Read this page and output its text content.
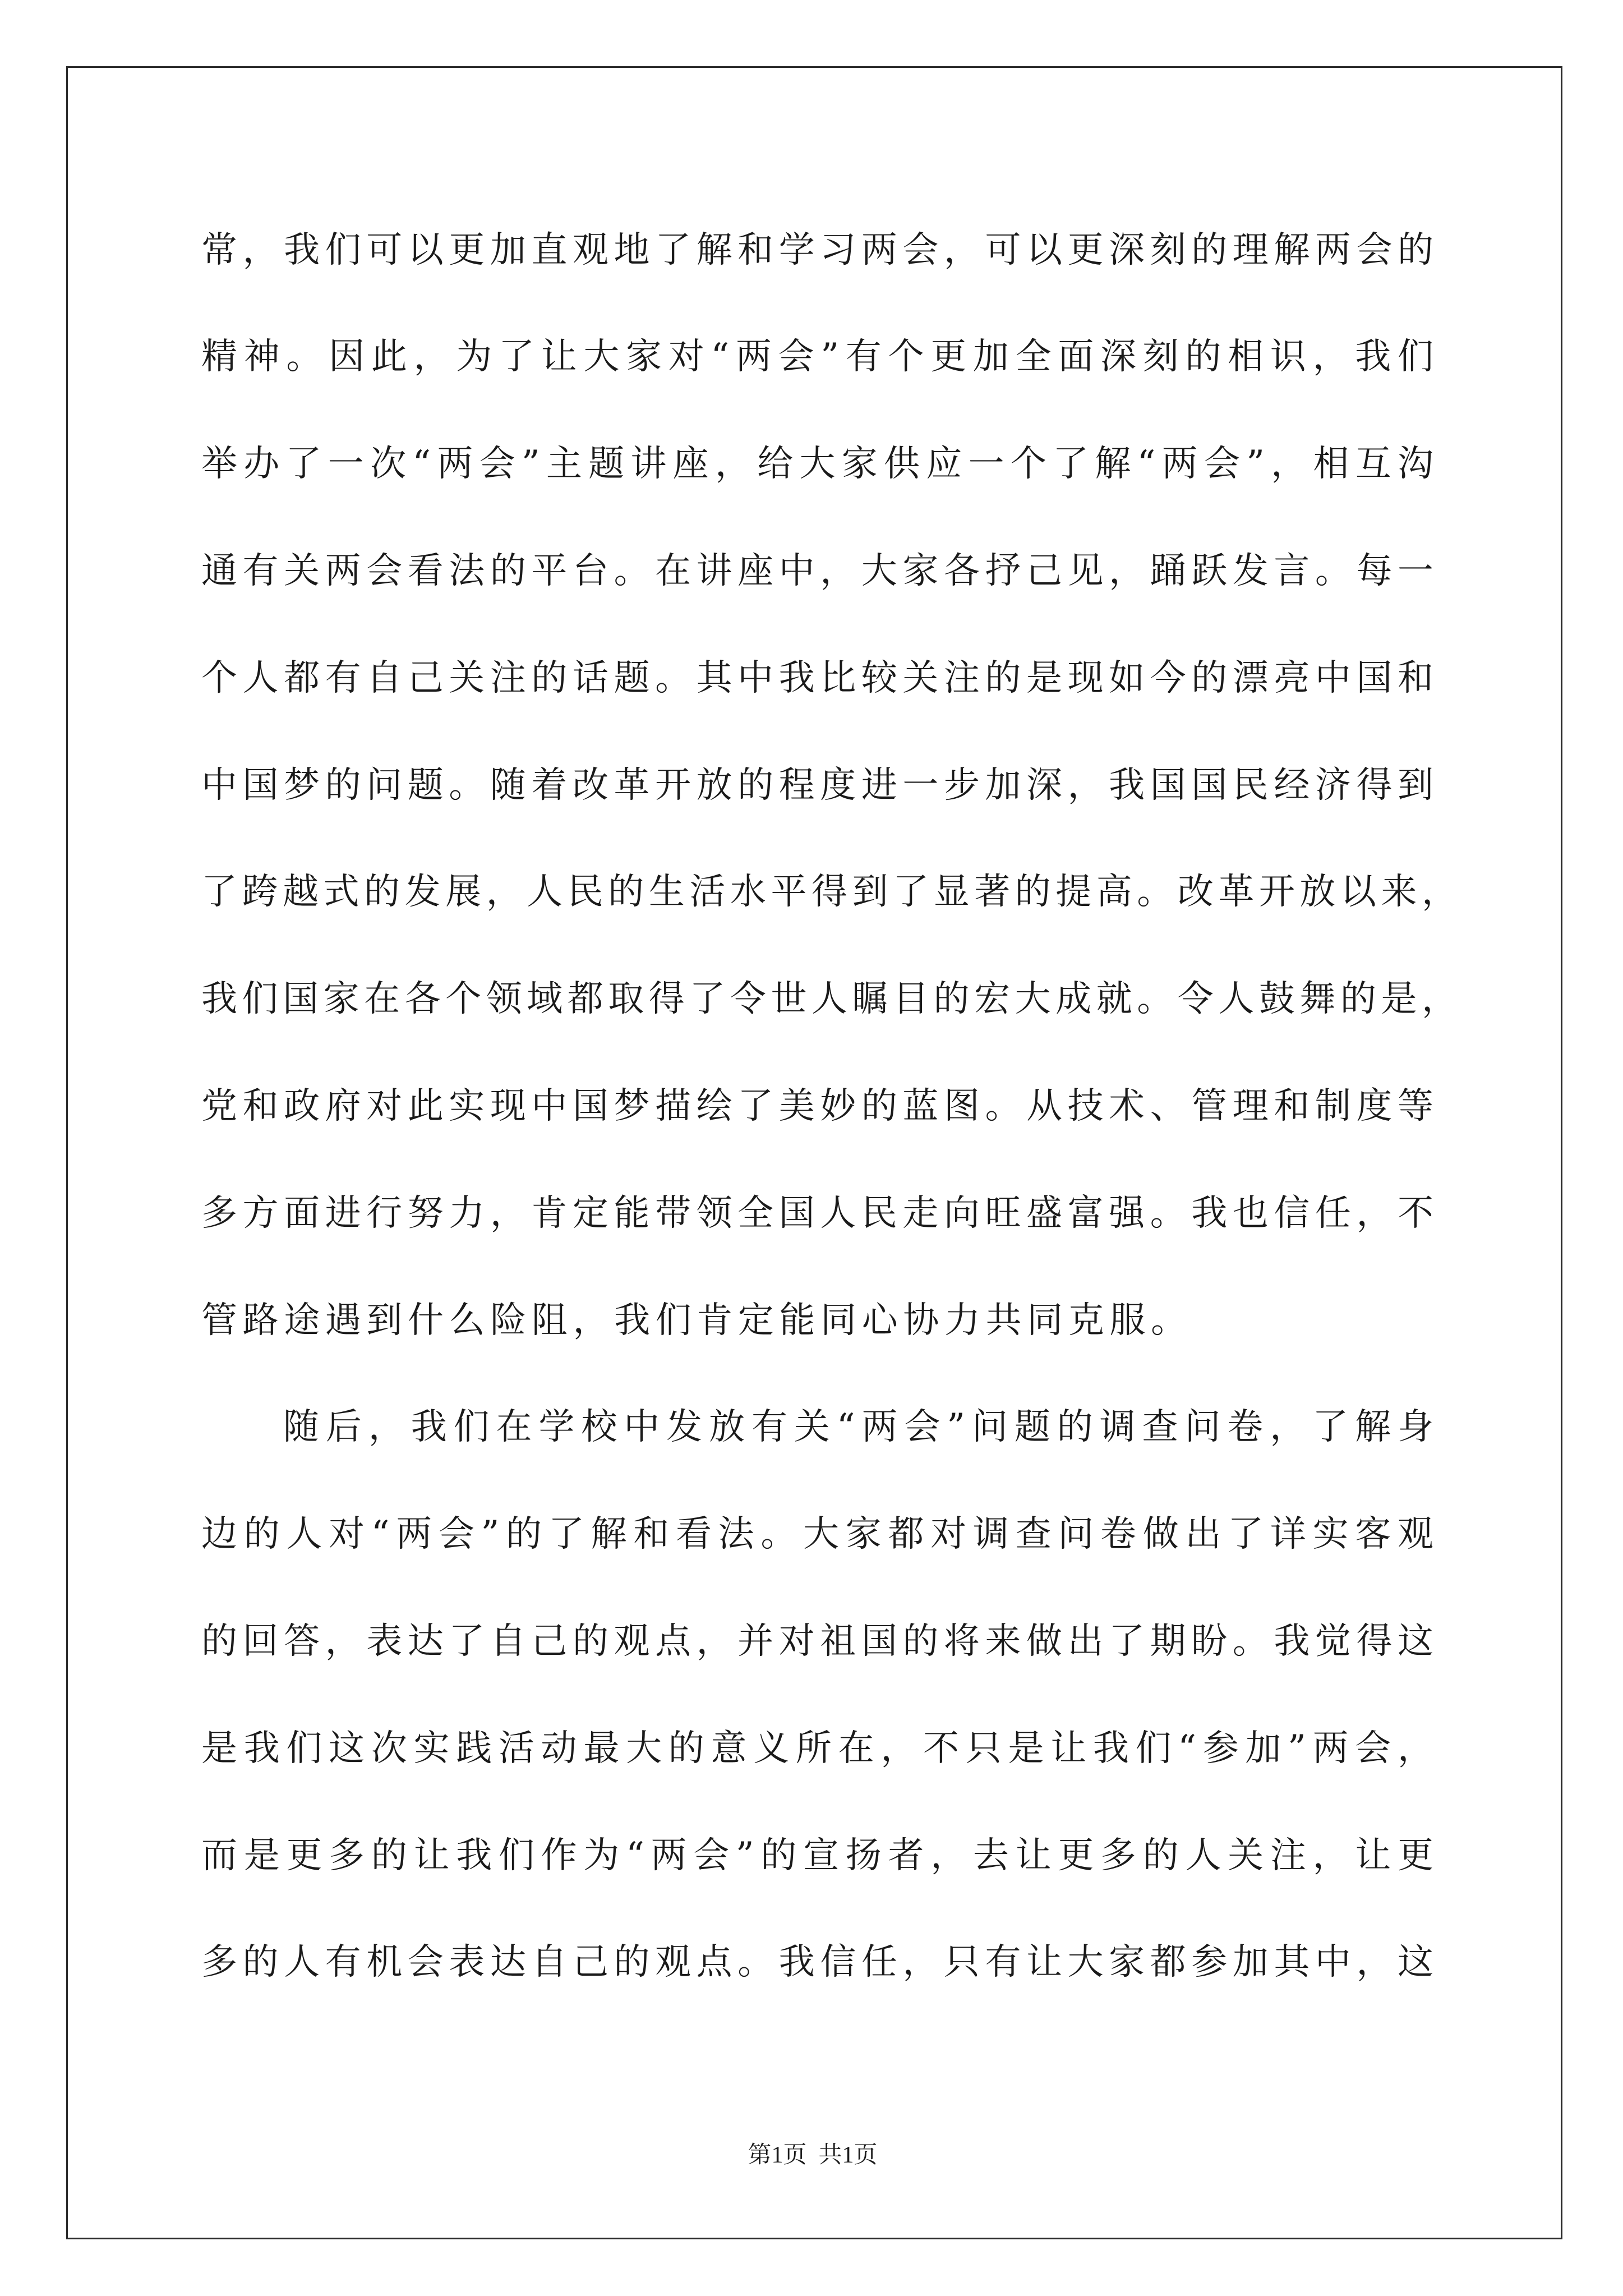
常，我们可以更加直观地了解和学习两会，可以更深刻的理解两会的
精神。因此，为了让大家对“两会”有个更加全面深刻的相识，我们
举办了一次“两会”主题讲座，给大家供应一个了解“两会”，相互沟
通有关两会看法的平台。在讲座中，大家各抒己见，踊跃发言。每一
个人都有自己关注的话题。其中我比较关注的是现如今的漂亮中国和
中国梦的问题。随着改革开放的程度进一步加深，我国国民经济得到
了跨越式的发展，人民的生活水平得到了显著的提高。改革开放以来，
我们国家在各个领域都取得了令世人瞩目的宏大成就。令人鼓舞的是，
党和政府对此实现中国梦描绘了美妙的蓝图。从技术、管理和制度等
多方面进行努力，肯定能带领全国人民走向旺盛富强。我也信任，不
管路途遇到什么险阻，我们肯定能同心协力共同克服。
随后，我们在学校中发放有关“两会”问题的调查问卷，了解身
边的人对“两会”的了解和看法。大家都对调查问卷做出了详实客观
的回答，表达了自己的观点，并对祖国的将来做出了期盼。我觉得这
是我们这次实践活动最大的意义所在，不只是让我们“参加”两会，
而是更多的让我们作为“两会”的宣扬者，去让更多的人关注，让更
多的人有机会表达自己的观点。我信任，只有让大家都参加其中，这
第1页  共1页
